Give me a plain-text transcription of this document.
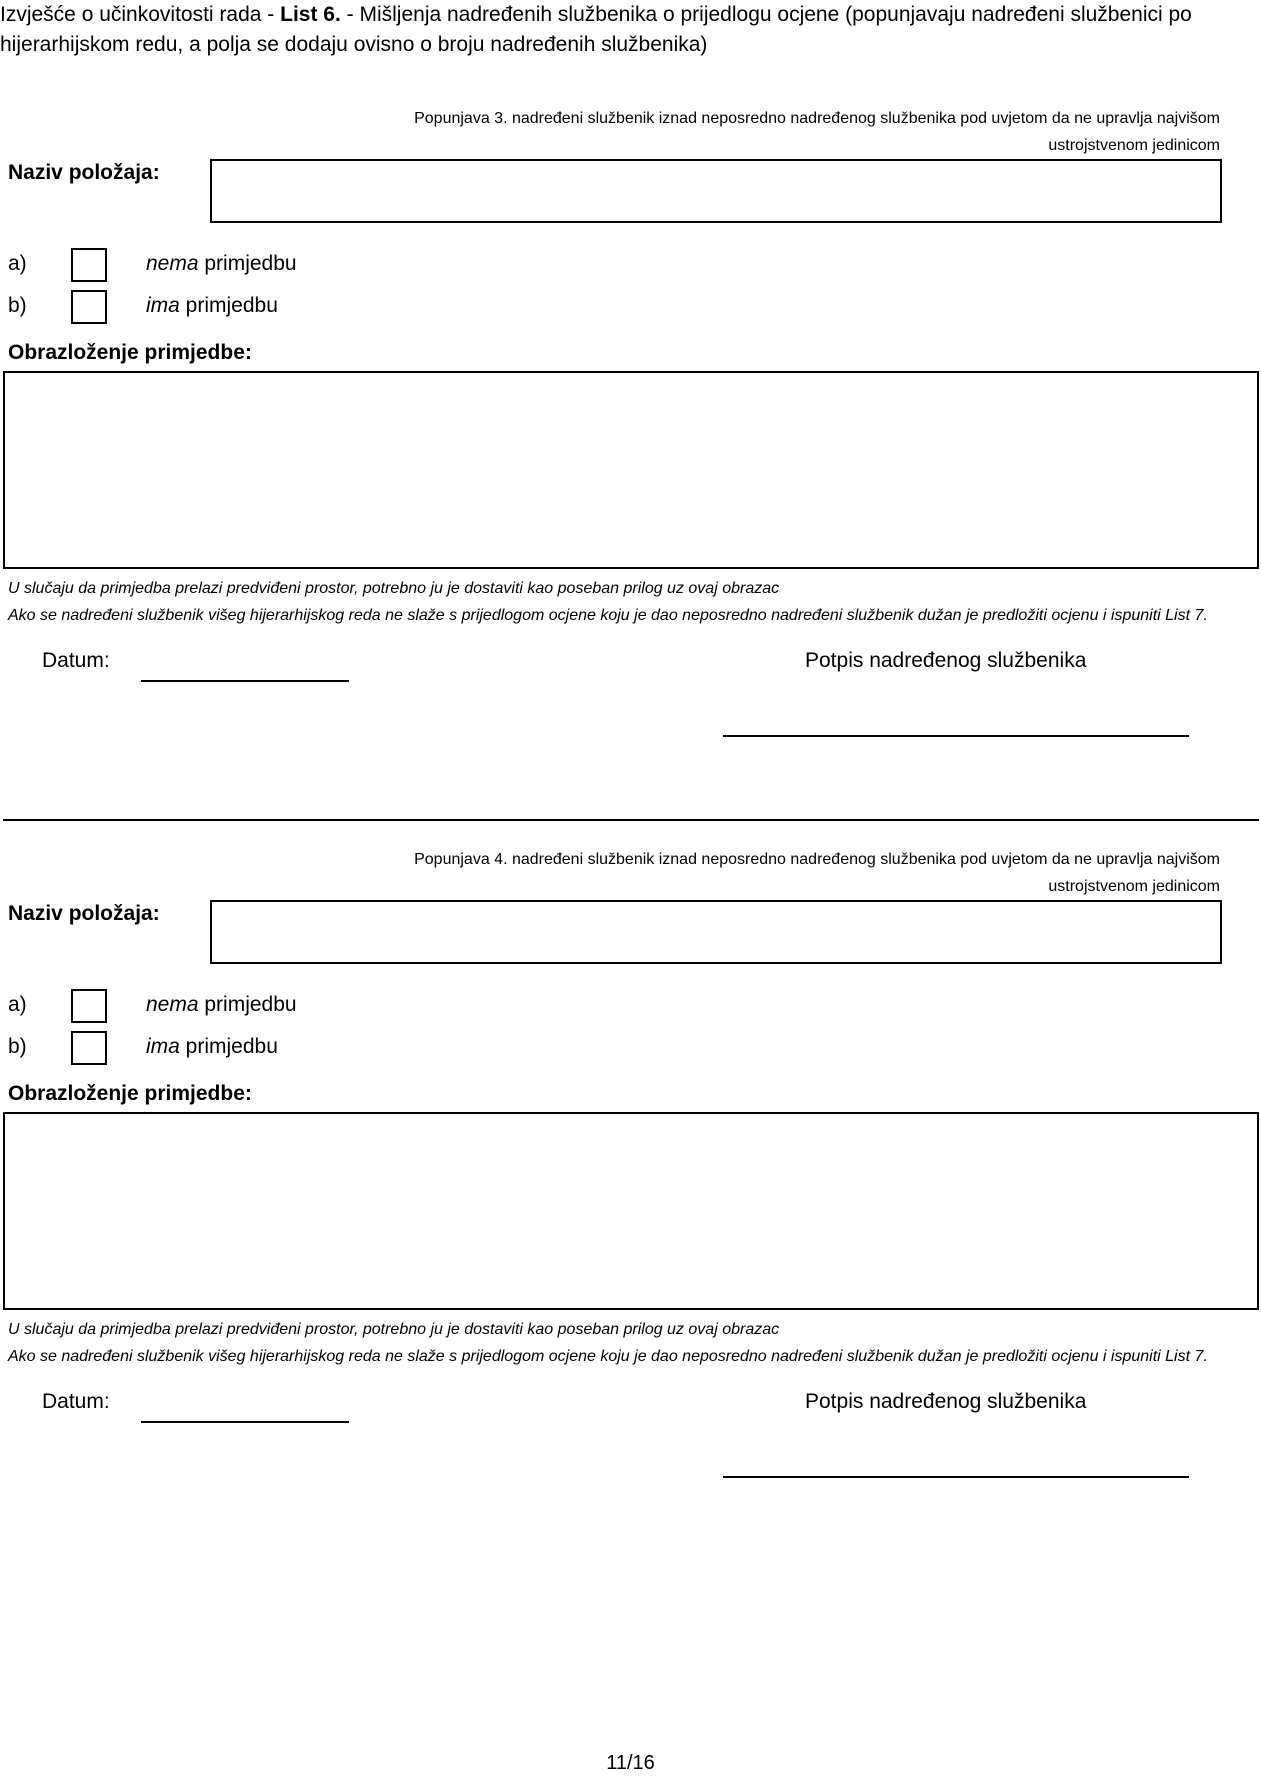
Izvješće o učinkovitosti rada - List 6. - Mišljenja nadređenih službenika o prijedlogu ocjene (popunjavaju nadređeni službenici po hijerarhijskom redu, a polja se dodaju ovisno o broju nadređenih službenika)
Popunjava 3. nadređeni službenik iznad neposredno nadređenog službenika pod uvjetom da ne upravlja najvišom
ustrojstvenom jedinicom
Naziv položaja:
a)	nema primjedbu
b)	ima primjedbu
Obrazloženje primjedbe:
U slučaju da primjedba prelazi predviđeni prostor, potrebno ju je dostaviti kao poseban prilog uz ovaj obrazac
Ako se nadređeni službenik višeg hijerarhijskog reda ne slaže s prijedlogom ocjene koju je dao neposredno nadređeni službenik dužan je predložiti ocjenu i ispuniti List 7.
Datum:	Potpis nadređenog službenika
Popunjava 4. nadređeni službenik iznad neposredno nadređenog službenika pod uvjetom da ne upravlja najvišom
ustrojstvenom jedinicom
Naziv položaja:
a)	nema primjedbu
b)	ima primjedbu
Obrazloženje primjedbe:
U slučaju da primjedba prelazi predviđeni prostor, potrebno ju je dostaviti kao poseban prilog uz ovaj obrazac
Ako se nadređeni službenik višeg hijerarhijskog reda ne slaže s prijedlogom ocjene koju je dao neposredno nadređeni službenik dužan je predložiti ocjenu i ispuniti List 7.
Datum:	Potpis nadređenog službenika
11/16
